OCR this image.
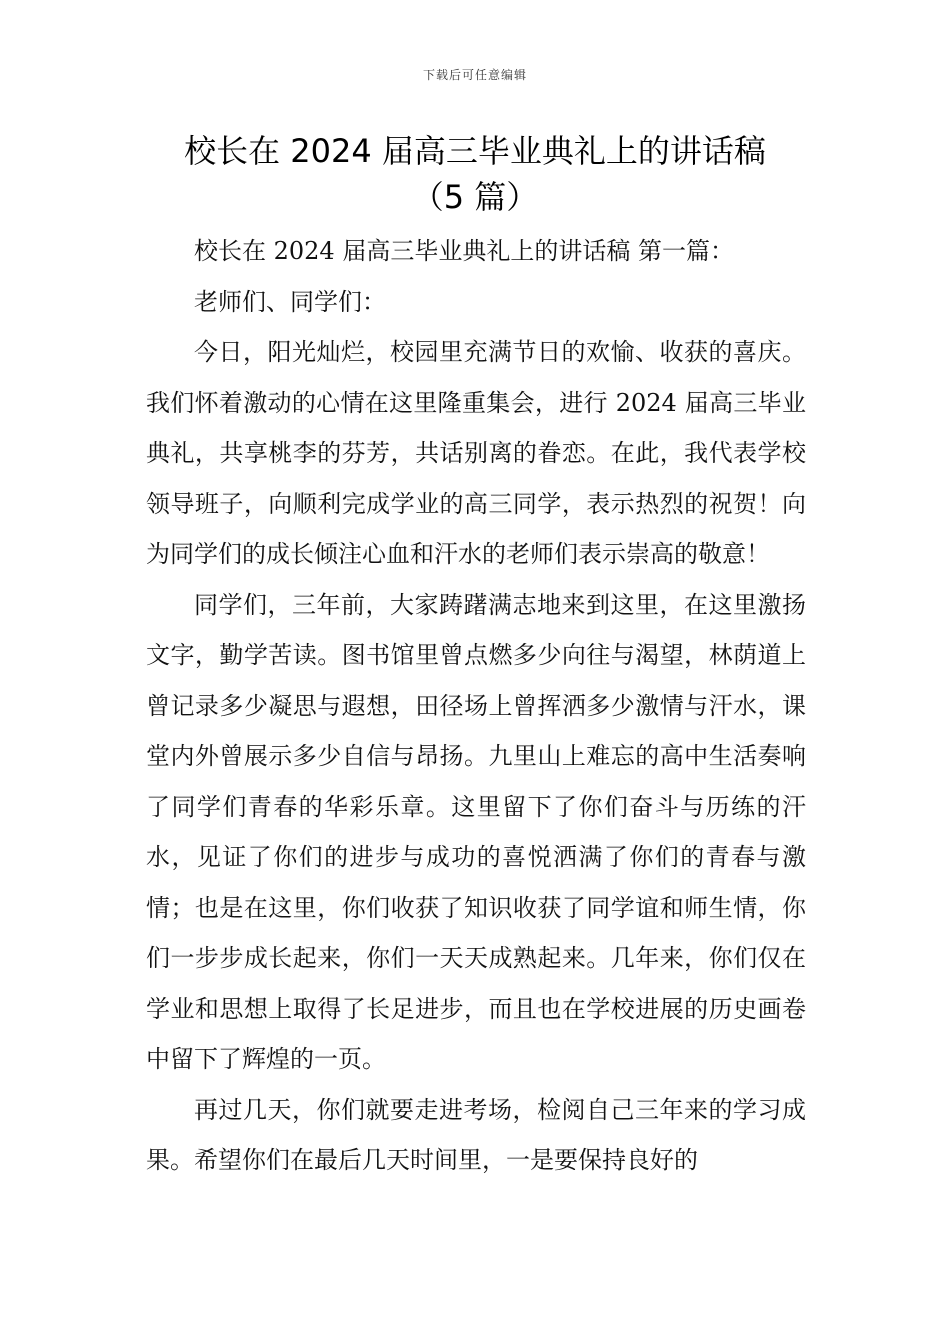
下载后可任意编辑
校长在 2024 届高三毕业典礼上的讲话稿
（5 篇）

校长在 2024 届高三毕业典礼上的讲话稿 第一篇：

老师们、同学们：

今日，阳光灿烂，校园里充满节日的欢愉、收获的喜庆。我们怀着激动的心情在这里隆重集会，进行 2024 届高三毕业典礼，共享桃李的芬芳，共话别离的眷恋。在此，我代表学校领导班子，向顺利完成学业的高三同学，表示热烈的祝贺！向为同学们的成长倾注心血和汗水的老师们表示崇高的敬意！

同学们，三年前，大家踌躇满志地来到这里，在这里激扬文字，勤学苦读。图书馆里曾点燃多少向往与渴望，林荫道上曾记录多少凝思与遐想，田径场上曾挥洒多少激情与汗水，课堂内外曾展示多少自信与昂扬。九里山上难忘的高中生活奏响了同学们青春的华彩乐章。这里留下了你们奋斗与历练的汗水，见证了你们的进步与成功的喜悦洒满了你们的青春与激情；也是在这里，你们收获了知识收获了同学谊和师生情，你们一步步成长起来，你们一天天成熟起来。几年来，你们仅在学业和思想上取得了长足进步，而且也在学校进展的历史画卷中留下了辉煌的一页。

再过几天，你们就要走进考场，检阅自己三年来的学习成果。希望你们在最后几天时间里，一是要保持良好的
